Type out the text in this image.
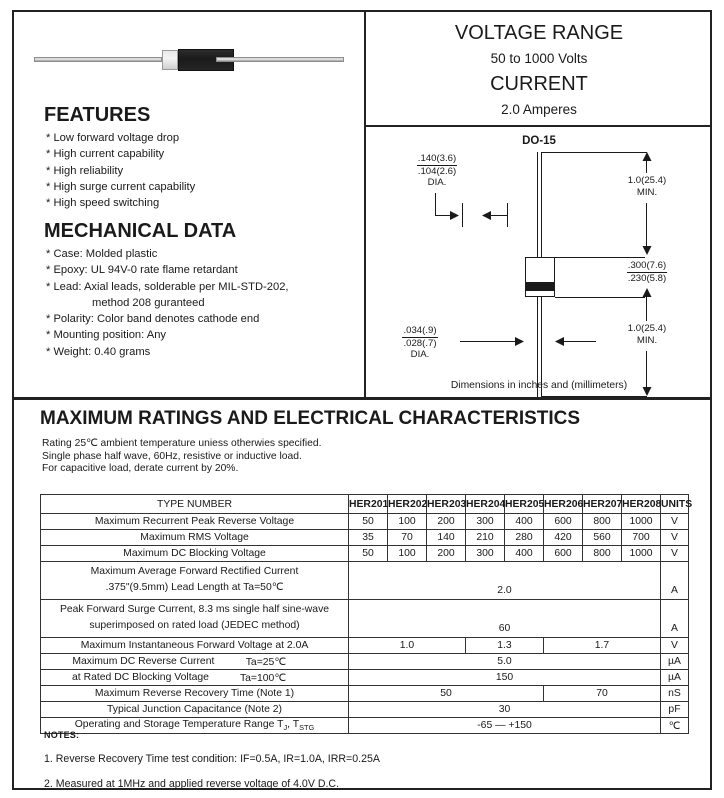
FEATURES
* Low forward voltage drop
* High current capability
* High reliability
* High surge current capability
* High speed switching
MECHANICAL DATA
* Case: Molded plastic
* Epoxy: UL 94V-0 rate flame retardant
* Lead: Axial leads, solderable per MIL-STD-202,
method 208 guranteed
* Polarity: Color band denotes cathode end
* Mounting position: Any
* Weight: 0.40 grams
VOLTAGE RANGE
50 to 1000 Volts
CURRENT
2.0 Amperes
DO-15
.140(3.6)
.104(2.6)
DIA.
.034(.9)
.028(.7)
DIA.
1.0(25.4)
MIN.
.300(7.6)
.230(5.8)
1.0(25.4)
MIN.
Dimensions in inches and (millimeters)
MAXIMUM RATINGS AND ELECTRICAL CHARACTERISTICS
Rating 25℃ ambient temperature uniess otherwies specified.
Single phase half wave, 60Hz, resistive or inductive load.
For capacitive load, derate current by 20%.
TYPE NUMBER	HER201	HER202	HER203	HER204	HER205	HER206	HER207	HER208	UNITS
Maximum Recurrent Peak Reverse Voltage	50	100	200	300	400	600	800	1000	V
Maximum RMS Voltage	35	70	140	210	280	420	560	700	V
Maximum DC Blocking Voltage	50	100	200	300	400	600	800	1000	V

Maximum Average Forward Rectified Current
.375"(9.5mm) Lead Length at Ta=50℃	2.0								A

Peak Forward Surge Current, 8.3 ms single half sine-wave
superimposed on rated load (JEDEC method)	60								A
Maximum Instantaneous Forward Voltage at 2.0A	1.0			1.3		1.7			V
Maximum DC Reverse Current Ta=25℃	5.0								µA
at Rated DC Blocking Voltage Ta=100℃	150								µA
Maximum Reverse Recovery Time (Note 1)	50					70			nS
Typical Junction Capacitance (Note 2)	30								pF
Operating and Storage Temperature Range $T_J$, $T_{STG}$	-65 — +150								℃
NOTES:
1. Reverse Recovery Time test condition: IF=0.5A, IR=1.0A, IRR=0.25A
2. Measured at 1MHz and applied reverse voltage of 4.0V D.C.
